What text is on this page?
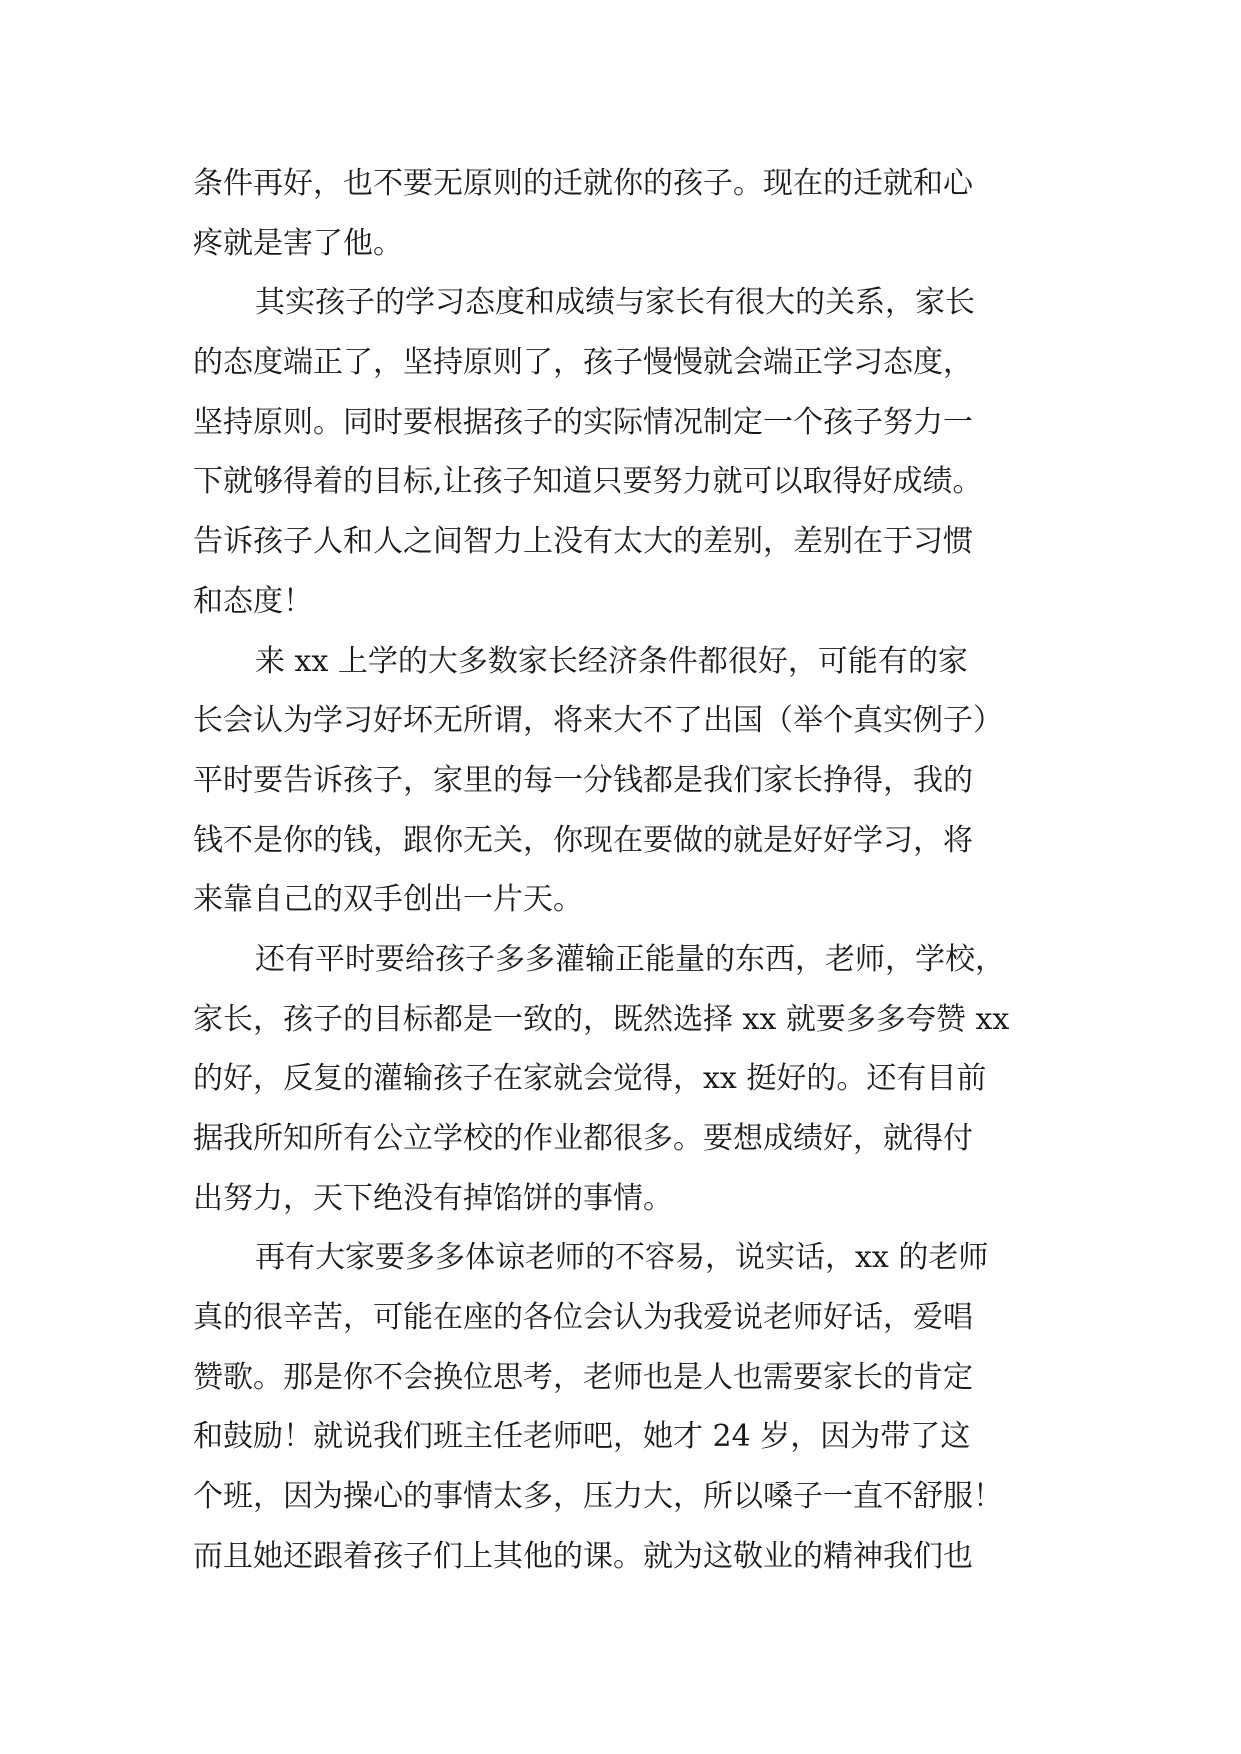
条件再好，也不要无原则的迁就你的孩子。现在的迁就和心
疼就是害了他。
其实孩子的学习态度和成绩与家长有很大的关系，家长
的态度端正了，坚持原则了，孩子慢慢就会端正学习态度，
坚持原则。同时要根据孩子的实际情况制定一个孩子努力一
下就够得着的目标,让孩子知道只要努力就可以取得好成绩。
告诉孩子人和人之间智力上没有太大的差别，差别在于习惯
和态度！
来 xx 上学的大多数家长经济条件都很好，可能有的家
长会认为学习好坏无所谓，将来大不了出国（举个真实例子）
平时要告诉孩子，家里的每一分钱都是我们家长挣得，我的
钱不是你的钱，跟你无关，你现在要做的就是好好学习，将
来靠自己的双手创出一片天。
还有平时要给孩子多多灌输正能量的东西，老师，学校，
家长，孩子的目标都是一致的，既然选择 xx 就要多多夸赞 xx
的好，反复的灌输孩子在家就会觉得，xx 挺好的。还有目前
据我所知所有公立学校的作业都很多。要想成绩好，就得付
出努力，天下绝没有掉馅饼的事情。
再有大家要多多体谅老师的不容易，说实话，xx 的老师
真的很辛苦，可能在座的各位会认为我爱说老师好话，爱唱
赞歌。那是你不会换位思考，老师也是人也需要家长的肯定
和鼓励！就说我们班主任老师吧，她才 24 岁，因为带了这
个班，因为操心的事情太多，压力大，所以嗓子一直不舒服！
而且她还跟着孩子们上其他的课。就为这敬业的精神我们也
